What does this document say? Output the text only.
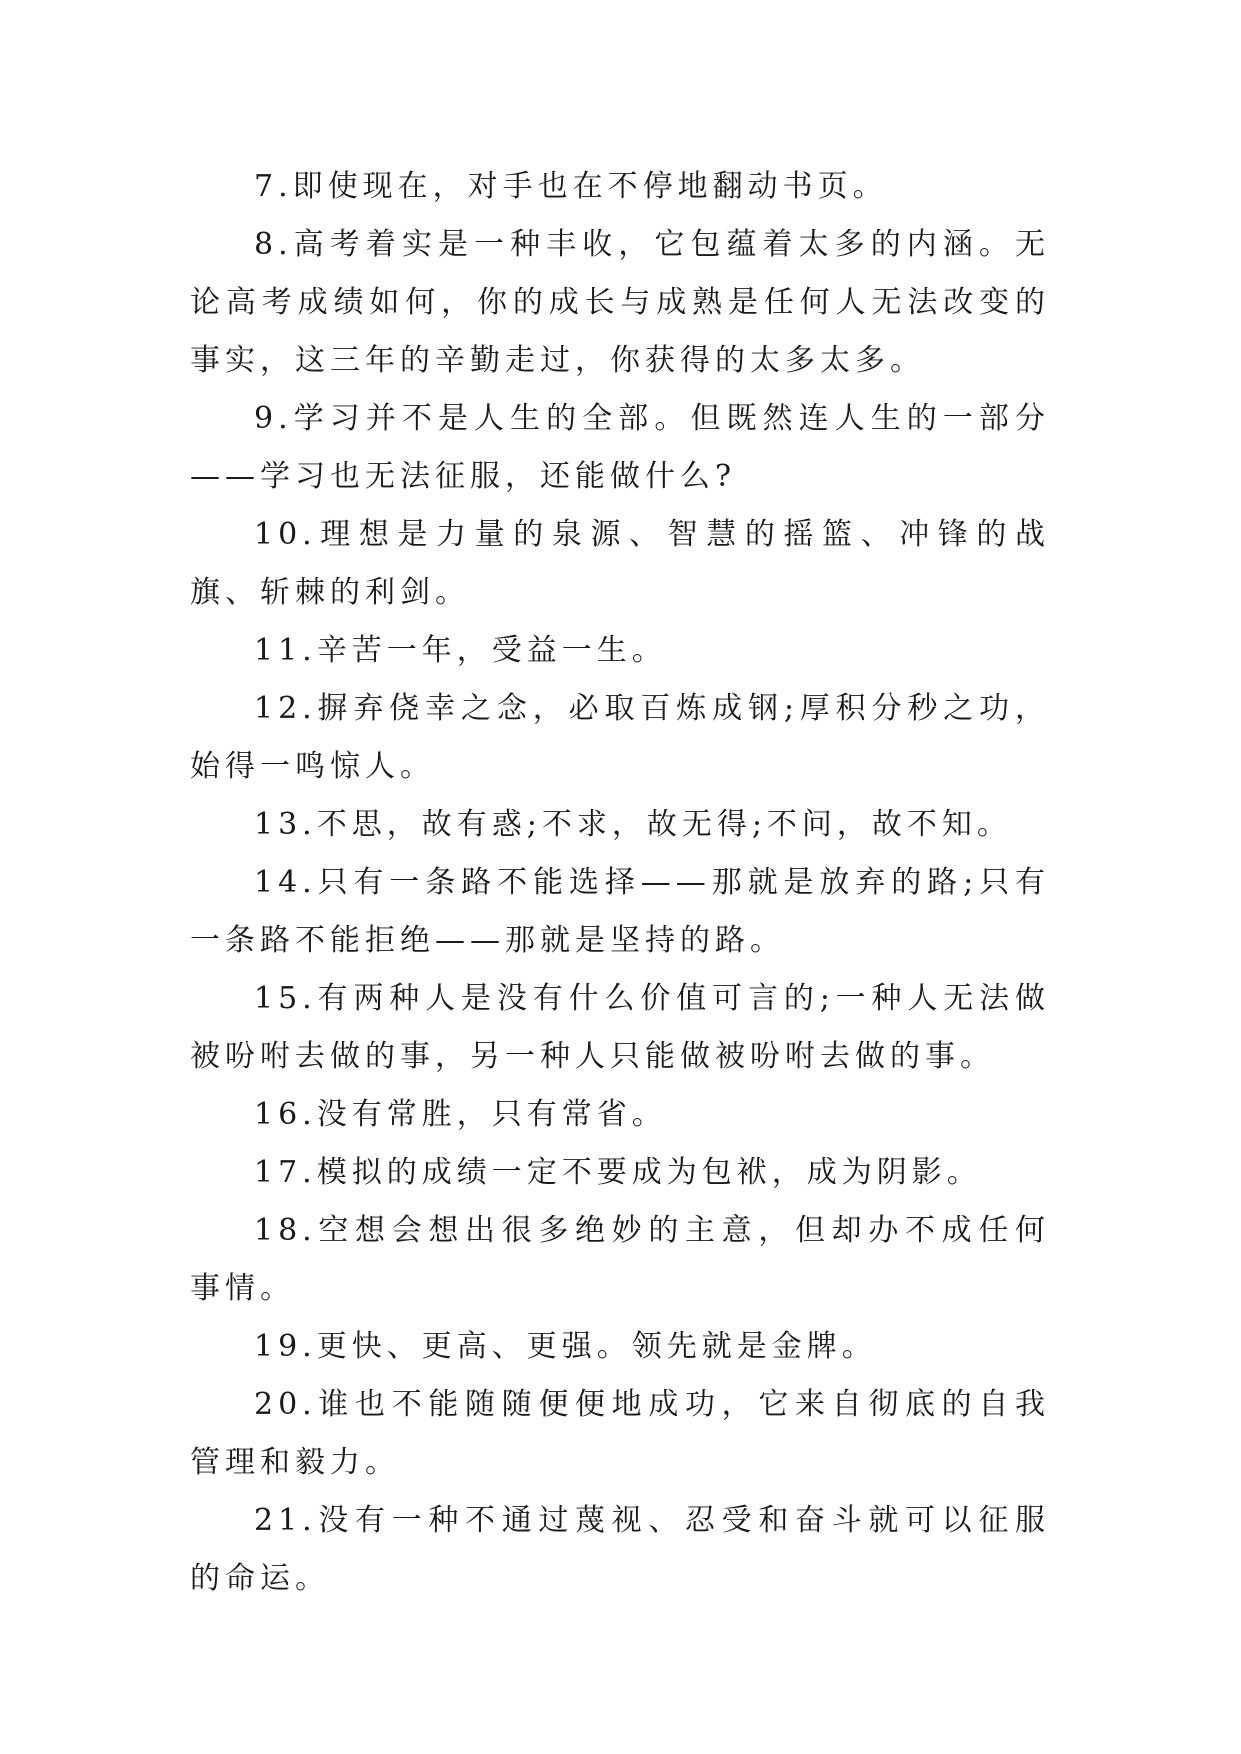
7.即使现在，对手也在不停地翻动书页。

8.高考着实是一种丰收，它包蕴着太多的内涵。无论高考成绩如何，你的成长与成熟是任何人无法改变的事实，这三年的辛勤走过，你获得的太多太多。

9.学习并不是人生的全部。但既然连人生的一部分——学习也无法征服，还能做什么?

10.理想是力量的泉源、智慧的摇篮、冲锋的战旗、斩棘的利剑。

11.辛苦一年，受益一生。

12.摒弃侥幸之念，必取百炼成钢;厚积分秒之功，始得一鸣惊人。

13.不思，故有惑;不求，故无得;不问，故不知。

14.只有一条路不能选择——那就是放弃的路;只有一条路不能拒绝——那就是坚持的路。

15.有两种人是没有什么价值可言的;一种人无法做被吩咐去做的事，另一种人只能做被吩咐去做的事。

16.没有常胜，只有常省。

17.模拟的成绩一定不要成为包袱，成为阴影。

18.空想会想出很多绝妙的主意，但却办不成任何事情。

19.更快、更高、更强。领先就是金牌。

20.谁也不能随随便便地成功，它来自彻底的自我管理和毅力。

21.没有一种不通过蔑视、忍受和奋斗就可以征服的命运。
